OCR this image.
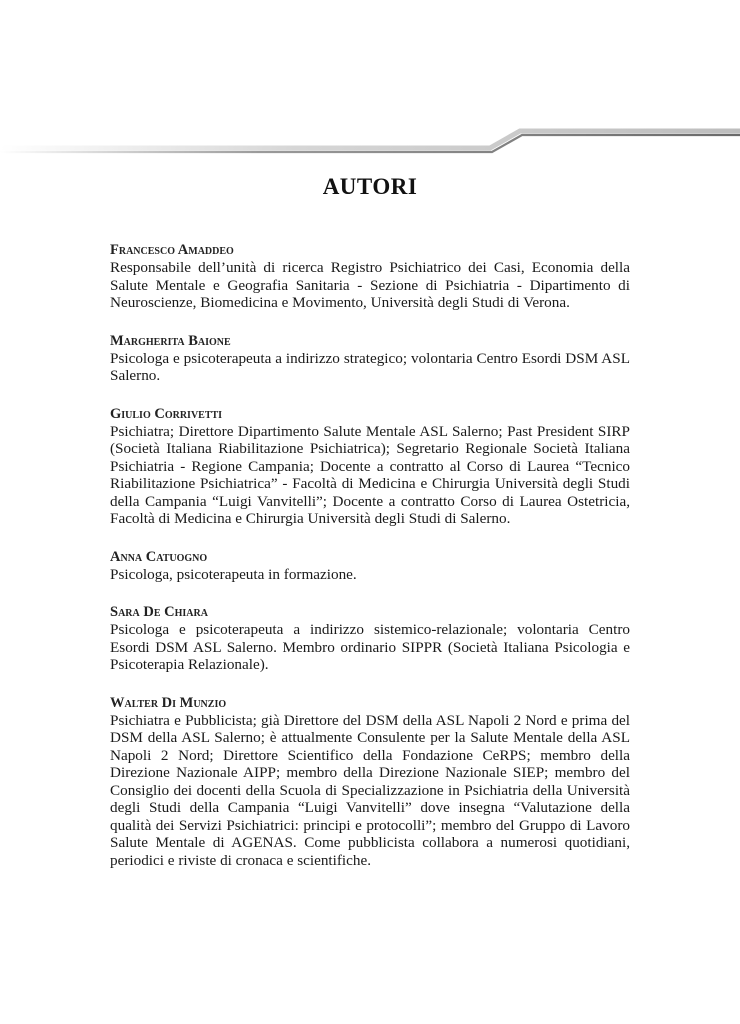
AUTORI
Francesco Amaddeo

Responsabile dell’unità di ricerca Registro Psichiatrico dei Casi, Economia della Salute Mentale e Geografia Sanitaria - Sezione di Psichiatria - Dipartimento di Neuroscienze, Biomedicina e Movimento, Università degli Studi di Verona.

Margherita Baione

Psicologa e psicoterapeuta a indirizzo strategico; volontaria Centro Esordi DSM ASL Salerno.

Giulio Corrivetti

Psichiatra; Direttore Dipartimento Salute Mentale ASL Salerno; Past President SIRP (Società Italiana Riabilitazione Psichiatrica); Segretario Regionale Società Italiana Psichiatria - Regione Campania; Docente a contratto al Corso di Laurea “Tecnico Riabilitazione Psichiatrica” - Facoltà di Medicina e Chirurgia Università degli Studi della Campania “Luigi Vanvitelli”; Docente a contratto Corso di Laurea Ostetricia, Facoltà di Medicina e Chirurgia Università degli Studi di Salerno.

Anna Catuogno

Psicologa, psicoterapeuta in formazione.

Sara De Chiara

Psicologa e psicoterapeuta a indirizzo sistemico-relazionale; volontaria Centro Esordi DSM ASL Salerno. Membro ordinario SIPPR (Società Italiana Psicologia e Psicoterapia Relazionale).

Walter Di Munzio

Psichiatra e Pubblicista; già Direttore del DSM della ASL Napoli 2 Nord e prima del DSM della ASL Salerno; è attualmente Consulente per la Salute Mentale della ASL Napoli 2 Nord; Direttore Scientifico della Fondazione CeRPS; membro della Direzione Nazionale AIPP; membro della Direzione Nazionale SIEP; membro del Consiglio dei docenti della Scuola di Specializzazione in Psichiatria della Università degli Studi della Campania “Luigi Vanvitelli” dove insegna “Valutazione della qualità dei Servizi Psichiatrici: principi e protocolli”; membro del Gruppo di Lavoro Salute Mentale di AGENAS. Come pubblicista collabora a numerosi quotidiani, periodici e riviste di cronaca e scientifiche.
